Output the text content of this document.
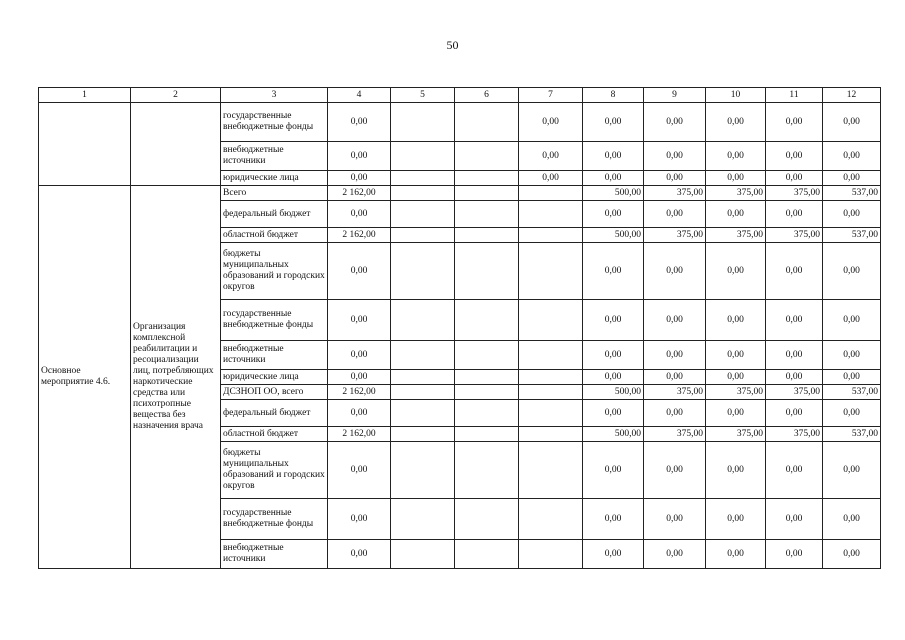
50
1	2	3	4	5	6	7	8	9	10	11	12
		государственные внебюджетные фонды	0,00			0,00	0,00	0,00	0,00	0,00	0,00
		внебюджетные источники	0,00			0,00	0,00	0,00	0,00	0,00	0,00
		юридические лица	0,00			0,00	0,00	0,00	0,00	0,00	0,00
Основное мероприятие 4.6.	Организация комплексной реабилитации и ресоциализации лиц, потребляющих наркотические средства или психотропные вещества без назначения врача	Всего	2 162,00				500,00	375,00	375,00	375,00	537,00
		федеральный бюджет	0,00				0,00	0,00	0,00	0,00	0,00
		областной бюджет	2 162,00				500,00	375,00	375,00	375,00	537,00
		бюджеты муниципальных образований и городских округов	0,00				0,00	0,00	0,00	0,00	0,00
		государственные внебюджетные фонды	0,00				0,00	0,00	0,00	0,00	0,00
		внебюджетные источники	0,00				0,00	0,00	0,00	0,00	0,00
		юридические лица	0,00				0,00	0,00	0,00	0,00	0,00
		ДСЗНОП ОО, всего	2 162,00				500,00	375,00	375,00	375,00	537,00
		федеральный бюджет	0,00				0,00	0,00	0,00	0,00	0,00
		областной бюджет	2 162,00				500,00	375,00	375,00	375,00	537,00
		бюджеты муниципальных образований и городских округов	0,00				0,00	0,00	0,00	0,00	0,00
		государственные внебюджетные фонды	0,00				0,00	0,00	0,00	0,00	0,00
		внебюджетные источники	0,00				0,00	0,00	0,00	0,00	0,00
